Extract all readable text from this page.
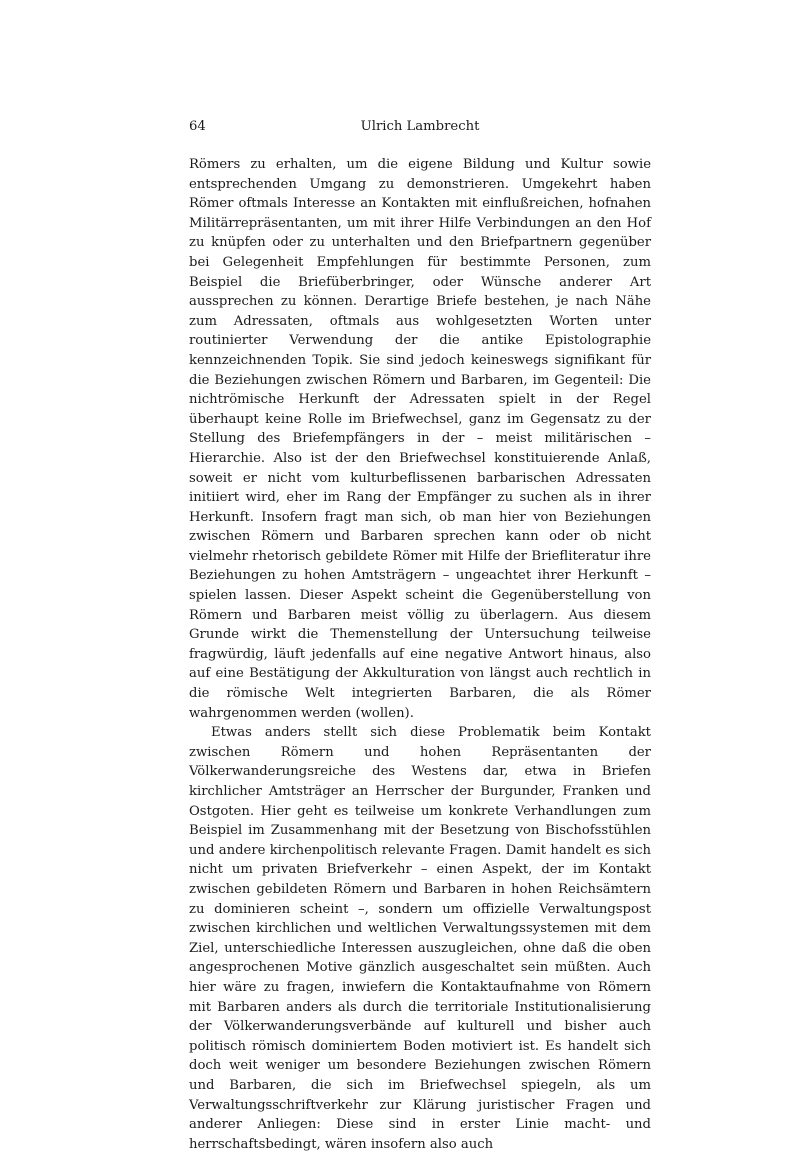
64	Ulrich Lambrecht

Römers zu erhalten, um die eigene Bildung und Kultur sowie entsprechenden Umgang zu demonstrieren. Umgekehrt haben Römer oftmals Interesse an Kontakten mit einflußreichen, hofnahen Militärrepräsentanten, um mit ihrer Hilfe Verbindungen an den Hof zu knüpfen oder zu unterhalten und den Briefpartnern gegenüber bei Gelegenheit Empfehlungen für bestimmte Personen, zum Beispiel die Briefüberbringer, oder Wünsche anderer Art aussprechen zu können. Derartige Briefe bestehen, je nach Nähe zum Adressaten, oftmals aus wohlgesetzten Worten unter routinierter Verwendung der die antike Epistolographie kennzeichnenden Topik. Sie sind jedoch keineswegs signifikant für die Beziehungen zwischen Römern und Barbaren, im Gegenteil: Die nichtrömische Herkunft der Adressaten spielt in der Regel überhaupt keine Rolle im Briefwechsel, ganz im Gegensatz zu der Stellung des Briefempfängers in der – meist militärischen – Hierarchie. Also ist der den Briefwechsel konstituierende Anlaß, soweit er nicht vom kulturbeflissenen barbarischen Adressaten initiiert wird, eher im Rang der Empfänger zu suchen als in ihrer Herkunft. Insofern fragt man sich, ob man hier von Beziehungen zwischen Römern und Barbaren sprechen kann oder ob nicht vielmehr rhetorisch gebildete Römer mit Hilfe der Briefliteratur ihre Beziehungen zu hohen Amtsträgern – ungeachtet ihrer Herkunft – spielen lassen. Dieser Aspekt scheint die Gegenüberstellung von Römern und Barbaren meist völlig zu überlagern. Aus diesem Grunde wirkt die Themenstellung der Untersuchung teilweise fragwürdig, läuft jedenfalls auf eine negative Antwort hinaus, also auf eine Bestätigung der Akkulturation von längst auch rechtlich in die römische Welt integrierten Barbaren, die als Römer wahrgenommen werden (wollen).

Etwas anders stellt sich diese Problematik beim Kontakt zwischen Römern und hohen Repräsentanten der Völkerwanderungsreiche des Westens dar, etwa in Briefen kirchlicher Amtsträger an Herrscher der Burgunder, Franken und Ostgoten. Hier geht es teilweise um konkrete Verhandlungen zum Beispiel im Zusammenhang mit der Besetzung von Bischofsstühlen und andere kirchenpolitisch relevante Fragen. Damit handelt es sich nicht um privaten Briefverkehr – einen Aspekt, der im Kontakt zwischen gebildeten Römern und Barbaren in hohen Reichsämtern zu dominieren scheint –, sondern um offizielle Verwaltungspost zwischen kirchlichen und weltlichen Verwaltungssystemen mit dem Ziel, unterschiedliche Interessen auszugleichen, ohne daß die oben angesprochenen Motive gänzlich ausgeschaltet sein müßten. Auch hier wäre zu fragen, inwiefern die Kontaktaufnahme von Römern mit Barbaren anders als durch die territoriale Institutionalisierung der Völkerwanderungsverbände auf kulturell und bisher auch politisch römisch dominiertem Boden motiviert ist. Es handelt sich doch weit weniger um besondere Beziehungen zwischen Römern und Barbaren, die sich im Briefwechsel spiegeln, als um Verwaltungsschriftverkehr zur Klärung juristischer Fragen und anderer Anliegen: Diese sind in erster Linie macht- und herrschaftsbedingt, wären insofern also auch
